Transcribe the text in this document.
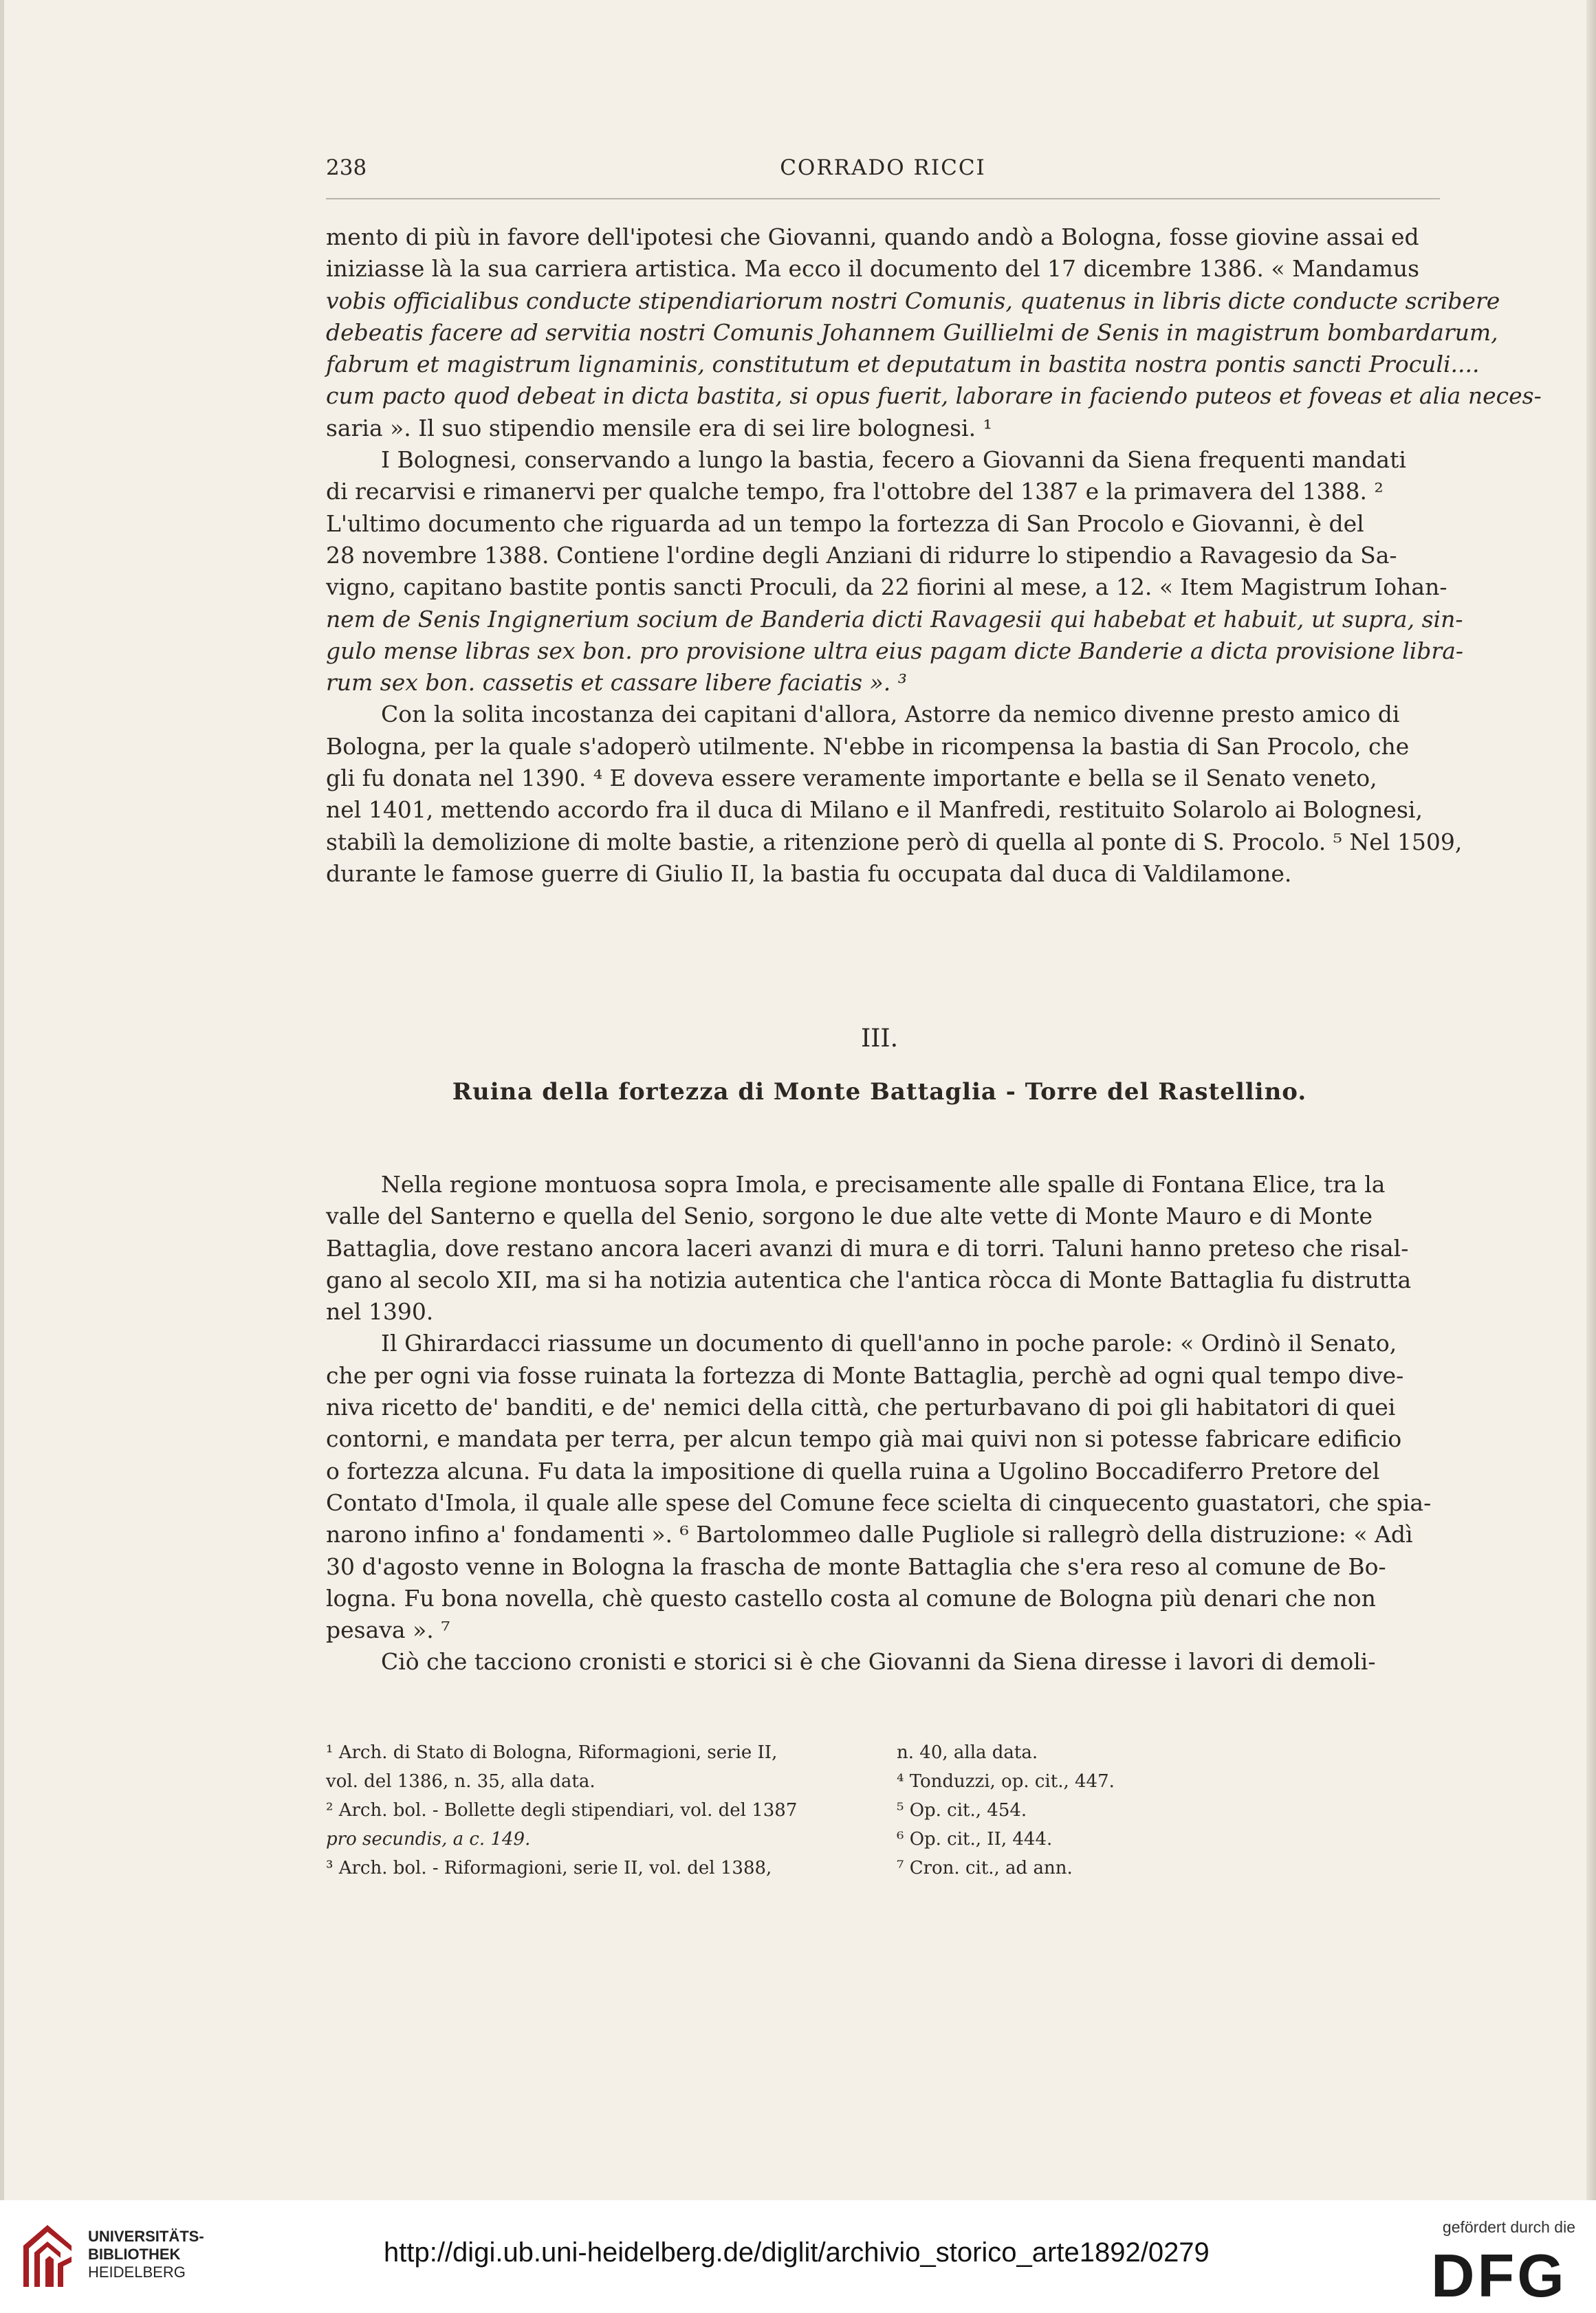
238	CORRADO RICCI

mento di più in favore dell'ipotesi che Giovanni, quando andò a Bologna, fosse giovine assai ed
iniziasse là la sua carriera artistica. Ma ecco il documento del 17 dicembre 1386. « Mandamus
vobis officialibus conducte stipendiariorum nostri Comunis, quatenus in libris dicte conducte scribere
debeatis facere ad servitia nostri Comunis Johannem Guillielmi de Senis in magistrum bombardarum,
fabrum et magistrum lignaminis, constitutum et deputatum in bastita nostra pontis sancti Proculi....
cum pacto quod debeat in dicta bastita, si opus fuerit, laborare in faciendo puteos et foveas et alia neces-
saria ». Il suo stipendio mensile era di sei lire bolognesi. ¹

I Bolognesi, conservando a lungo la bastia, fecero a Giovanni da Siena frequenti mandati
di recarvisi e rimanervi per qualche tempo, fra l'ottobre del 1387 e la primavera del 1388. ²
L'ultimo documento che riguarda ad un tempo la fortezza di San Procolo e Giovanni, è del
28 novembre 1388. Contiene l'ordine degli Anziani di ridurre lo stipendio a Ravagesio da Sa-
vigno, capitano bastite pontis sancti Proculi, da 22 fiorini al mese, a 12. « Item Magistrum Iohan-
nem de Senis Ingignerium socium de Banderia dicti Ravagesii qui habebat et habuit, ut supra, sin-
gulo mense libras sex bon. pro provisione ultra eius pagam dicte Banderie a dicta provisione libra-
rum sex bon. cassetis et cassare libere faciatis ». ³

Con la solita incostanza dei capitani d'allora, Astorre da nemico divenne presto amico di
Bologna, per la quale s'adoperò utilmente. N'ebbe in ricompensa la bastia di San Procolo, che
gli fu donata nel 1390. ⁴ E doveva essere veramente importante e bella se il Senato veneto,
nel 1401, mettendo accordo fra il duca di Milano e il Manfredi, restituito Solarolo ai Bolognesi,
stabilì la demolizione di molte bastie, a ritenzione però di quella al ponte di S. Procolo. ⁵ Nel 1509,
durante le famose guerre di Giulio II, la bastia fu occupata dal duca di Valdilamone.

III.
Ruina della fortezza di Monte Battaglia - Torre del Rastellino.

Nella regione montuosa sopra Imola, e precisamente alle spalle di Fontana Elice, tra la
valle del Santerno e quella del Senio, sorgono le due alte vette di Monte Mauro e di Monte
Battaglia, dove restano ancora laceri avanzi di mura e di torri. Taluni hanno preteso che risal-
gano al secolo XII, ma si ha notizia autentica che l'antica ròcca di Monte Battaglia fu distrutta
nel 1390.

Il Ghirardacci riassume un documento di quell'anno in poche parole: « Ordinò il Senato,
che per ogni via fosse ruinata la fortezza di Monte Battaglia, perchè ad ogni qual tempo dive-
niva ricetto de' banditi, e de' nemici della città, che perturbavano di poi gli habitatori di quei
contorni, e mandata per terra, per alcun tempo già mai quivi non si potesse fabricare edificio
o fortezza alcuna. Fu data la impositione di quella ruina a Ugolino Boccadiferro Pretore del
Contato d'Imola, il quale alle spese del Comune fece scielta di cinquecento guastatori, che spia-
narono infino a' fondamenti ». ⁶ Bartolommeo dalle Pugliole si rallegrò della distruzione: « Adì
30 d'agosto venne in Bologna la frascha de monte Battaglia che s'era reso al comune de Bo-
logna. Fu bona novella, chè questo castello costa al comune de Bologna più denari che non
pesava ». ⁷

Ciò che tacciono cronisti e storici si è che Giovanni da Siena diresse i lavori di demoli-

¹ Arch. di Stato di Bologna, Riformagioni, serie II,
vol. del 1386, n. 35, alla data.
² Arch. bol. - Bollette degli stipendiari, vol. del 1387
pro secundis, a c. 149.
³ Arch. bol. - Riformagioni, serie II, vol. del 1388,
n. 40, alla data.
⁴ Tonduzzi, op. cit., 447.
⁵ Op. cit., 454.
⁶ Op. cit., II, 444.
⁷ Cron. cit., ad ann.
UNIVERSITÄTS-
BIBLIOTHEK
HEIDELBERG
http://digi.ub.uni-heidelberg.de/diglit/archivio_storico_arte1892/0279
gefördert durch die
DFG
